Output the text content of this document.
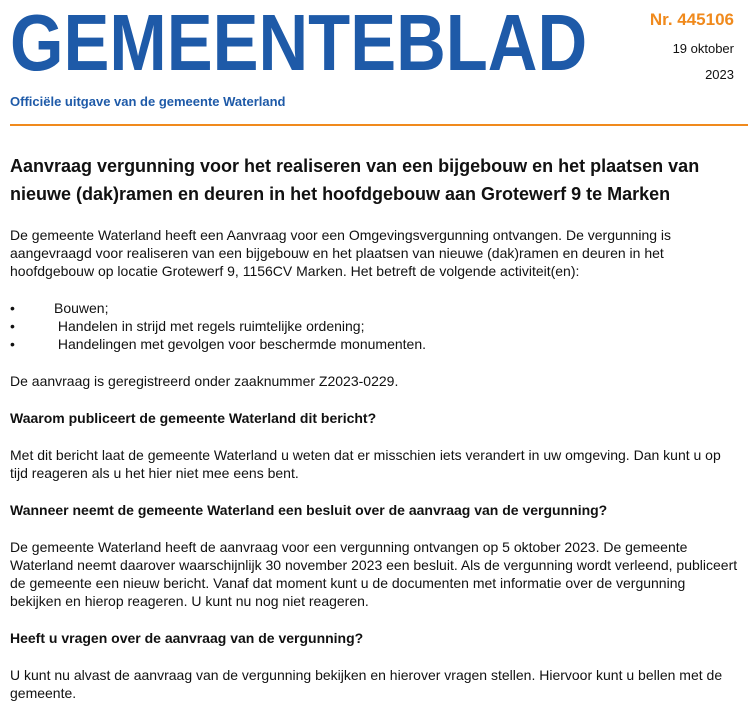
GEMEENTEBLAD
Officiële uitgave van de gemeente Waterland
Nr. 445106
19 oktober
2023
Aanvraag vergunning voor het realiseren van een bijgebouw en het plaatsen van nieuwe (dak)ramen en deuren in het hoofdgebouw aan Grotewerf 9 te Marken

De gemeente Waterland heeft een Aanvraag voor een Omgevingsvergunning ontvangen. De vergunning is aangevraagd voor realiseren van een bijgebouw en het plaatsen van nieuwe (dak)ramen en deuren in het hoofdgebouw op locatie Grotewerf 9, 1156CV Marken. Het betreft de volgende activiteit(en):

•	Bouwen;
•	Handelen in strijd met regels ruimtelijke ordening;
•	Handelingen met gevolgen voor beschermde monumenten.

De aanvraag is geregistreerd onder zaaknummer Z2023-0229.

Waarom publiceert de gemeente Waterland dit bericht?

Met dit bericht laat de gemeente Waterland u weten dat er misschien iets verandert in uw omgeving. Dan kunt u op tijd reageren als u het hier niet mee eens bent.

Wanneer neemt de gemeente Waterland een besluit over de aanvraag van de vergunning?

De gemeente Waterland heeft de aanvraag voor een vergunning ontvangen op 5 oktober 2023. De gemeente Waterland neemt daarover waarschijnlijk 30 november 2023 een besluit. Als de vergunning wordt verleend, publiceert de gemeente een nieuw bericht. Vanaf dat moment kunt u de documenten met informatie over de vergunning bekijken en hierop reageren. U kunt nu nog niet reageren.

Heeft u vragen over de aanvraag van de vergunning?

U kunt nu alvast de aanvraag van de vergunning bekijken en hierover vragen stellen. Hiervoor kunt u bellen met de gemeente.
